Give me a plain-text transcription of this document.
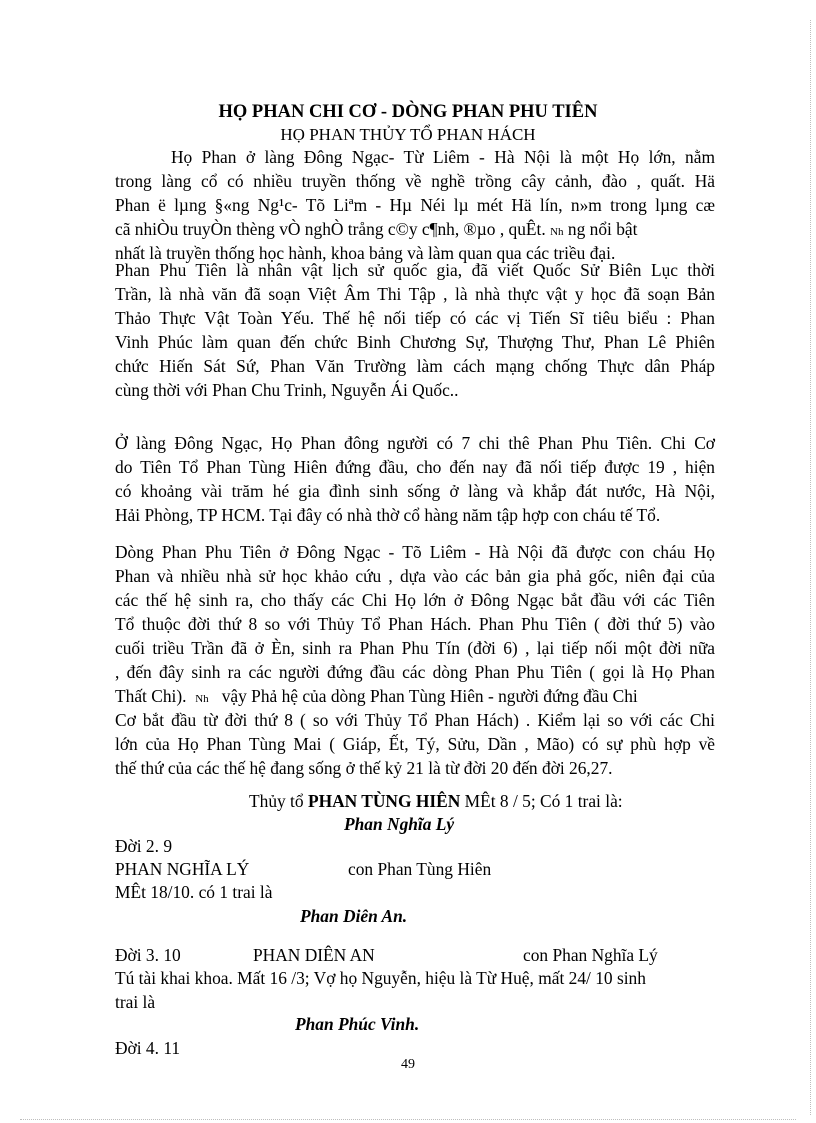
HỌ PHAN CHI CƠ - DÒNG PHAN PHU TIÊN
HỌ PHAN THỦY TỔ PHAN HÁCH
Họ Phan ở làng Đông Ngạc- Từ Liêm - Hà Nội là một Họ lớn, nằm
trong làng cổ có nhiều truyền thống về nghề trồng cây cảnh, đào , quất. Hä
Phan ë lµng §«ng Ng¹c- Tõ Liªm - Hµ Néi lµ mét Hä lín, n»m trong lµng cæ
cã nhiÒu truyÒn thèng vÒ nghÒ trång c©y c¶nh, ®µo , quÊt. Nh ng nổi bật
nhất là truyền thống học hành, khoa bảng và làm quan qua các triều đại.
Phan Phu Tiên là nhân vật lịch sử quốc gia, đã viết Quốc Sử Biên Lục thời
Trần, là nhà văn đã soạn Việt Âm Thi Tập , là nhà thực vật y học đã soạn Bản
Thảo Thực Vật Toàn Yếu. Thế hệ nối tiếp có các vị Tiến Sĩ tiêu biểu : Phan
Vinh Phúc làm quan đến chức Binh Chương Sự, Thượng Thư, Phan Lê Phiên
chức Hiến Sát Sứ, Phan Văn Trường làm cách mạng chống Thực dân Pháp
cùng thời với Phan Chu Trinh, Nguyễn Ái Quốc..
Ở làng Đông Ngạc, Họ Phan đông người có 7 chi thê Phan Phu Tiên. Chi Cơ
do Tiên Tổ Phan Tùng Hiên đứng đầu, cho đến nay đã nối tiếp được 19 , hiện
có khoảng vài trăm hé gia đình sinh sống ở làng và khắp đát nước, Hà Nội,
Hải Phòng, TP HCM. Tại đây có nhà thờ cổ hàng năm tập hợp con cháu tế Tổ.
Dòng Phan Phu Tiên ở Đông Ngạc - Tõ Liêm - Hà Nội đã được con cháu Họ
Phan và nhiều nhà sử học khảo cứu , dựa vào các bản gia phả gốc, niên đại của
các thế hệ sinh ra, cho thấy các Chi Họ lớn ở Đông Ngạc bắt đầu với các Tiên
Tổ thuộc đời thứ 8 so với Thủy Tổ Phan Hách. Phan Phu Tiên ( đời thứ 5) vào
cuối triều Trần đã ở Èn, sinh ra Phan Phu Tín (đời 6) , lại tiếp nối một đời nữa
, đến đây sinh ra các người đứng đầu các dòng Phan Phu Tiên ( gọi là Họ Phan
Thất Chi). Nh vậy Phả hệ của dòng Phan Tùng Hiên - người đứng đầu Chi
Cơ bắt đầu từ đời thứ 8 ( so với Thủy Tổ Phan Hách) . Kiểm lại so với các Chi
lớn của Họ Phan Tùng Mai ( Giáp, Ết, Tý, Sửu, Dần , Mão) có sự phù hợp về
thế thứ của các thế hệ đang sống ở thế kỷ 21 là từ đời 20 đến đời 26,27.
Thủy tổ PHAN TÙNG HIÊN MÊt 8 / 5; Có 1 trai là:
Phan Nghĩa Lý
Đời 2. 9
PHAN NGHĨA LÝ	con Phan Tùng Hiên
MÊt 18/10. có 1 trai là
Phan Diên An.
Đời 3. 10	PHAN DIÊN AN	con Phan Nghĩa Lý
Tú tài khai khoa. Mất 16 /3; Vợ họ Nguyễn, hiệu là Từ Huệ, mất 24/ 10 sinh
trai là
Phan Phúc Vinh.
Đời 4. 11
49
